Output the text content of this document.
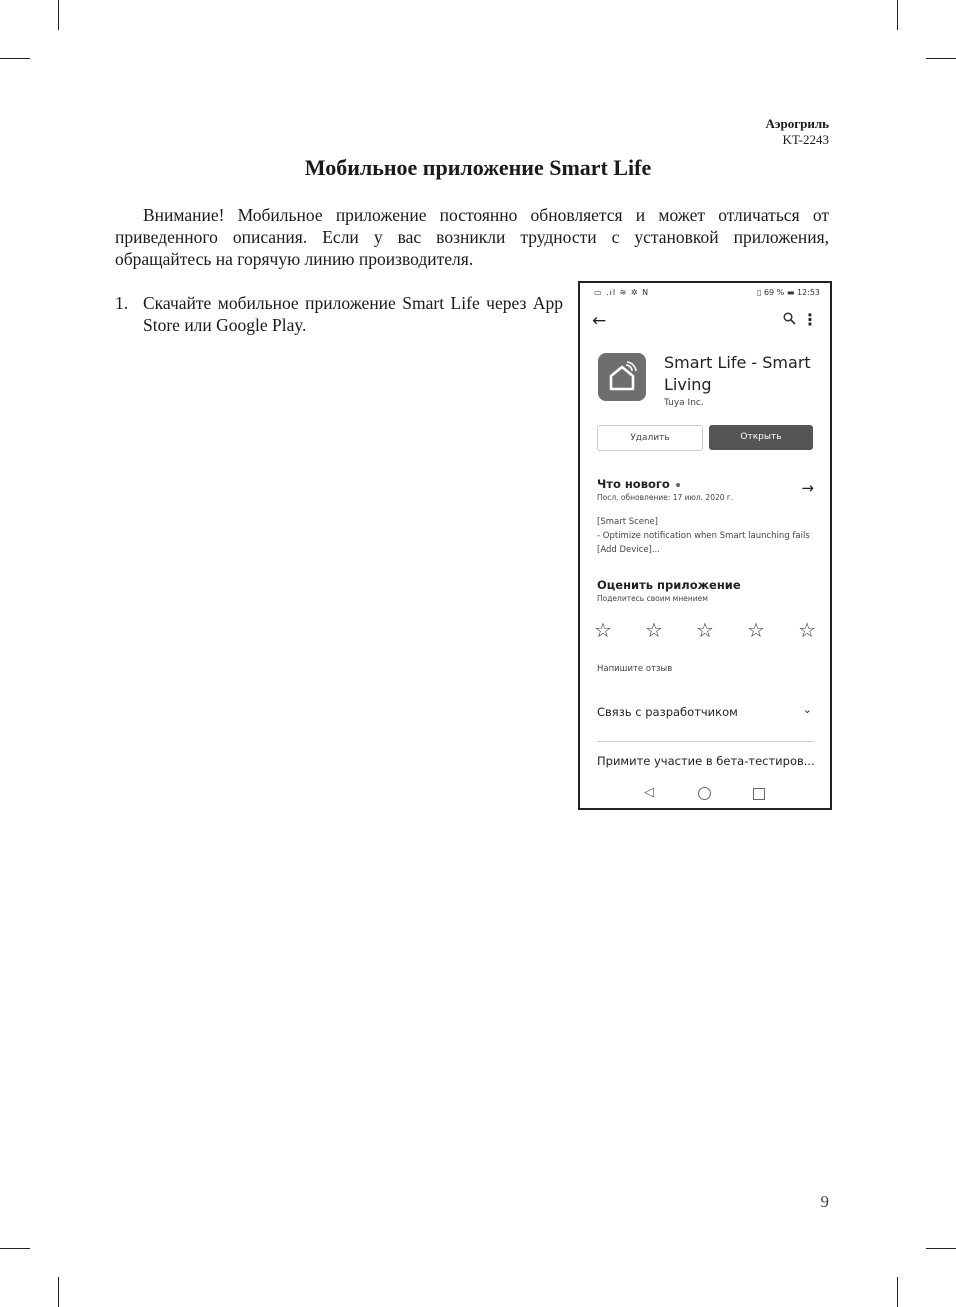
Аэрогриль
KT-2243
Мобильное приложение Smart Life
Внимание! Мобильное приложение постоянно обновляется и может отличаться от приведенного описания. Если у вас возникли трудности с установкой приложения, обращайтесь на горячую линию производителя.
1. Скачайте мобильное приложение Smart Life через App Store или Google Play.
▭ .ıl ≋ ✲ N	▯ 69 % ▬ 12:53
←	⋮
Smart Life - Smart Living
Tuya Inc.
Удалить	Открыть
Что нового
Посл. обновление: 17 июл. 2020 г.
→
[Smart Scene]
- Optimize notification when Smart launching fails
[Add Device]...
Оценить приложение
Поделитесь своим мнением
☆ ☆ ☆ ☆ ☆
Напишите отзыв
Связь с разработчиком	⌄
Примите участие в бета-тестиров...
◁
9
